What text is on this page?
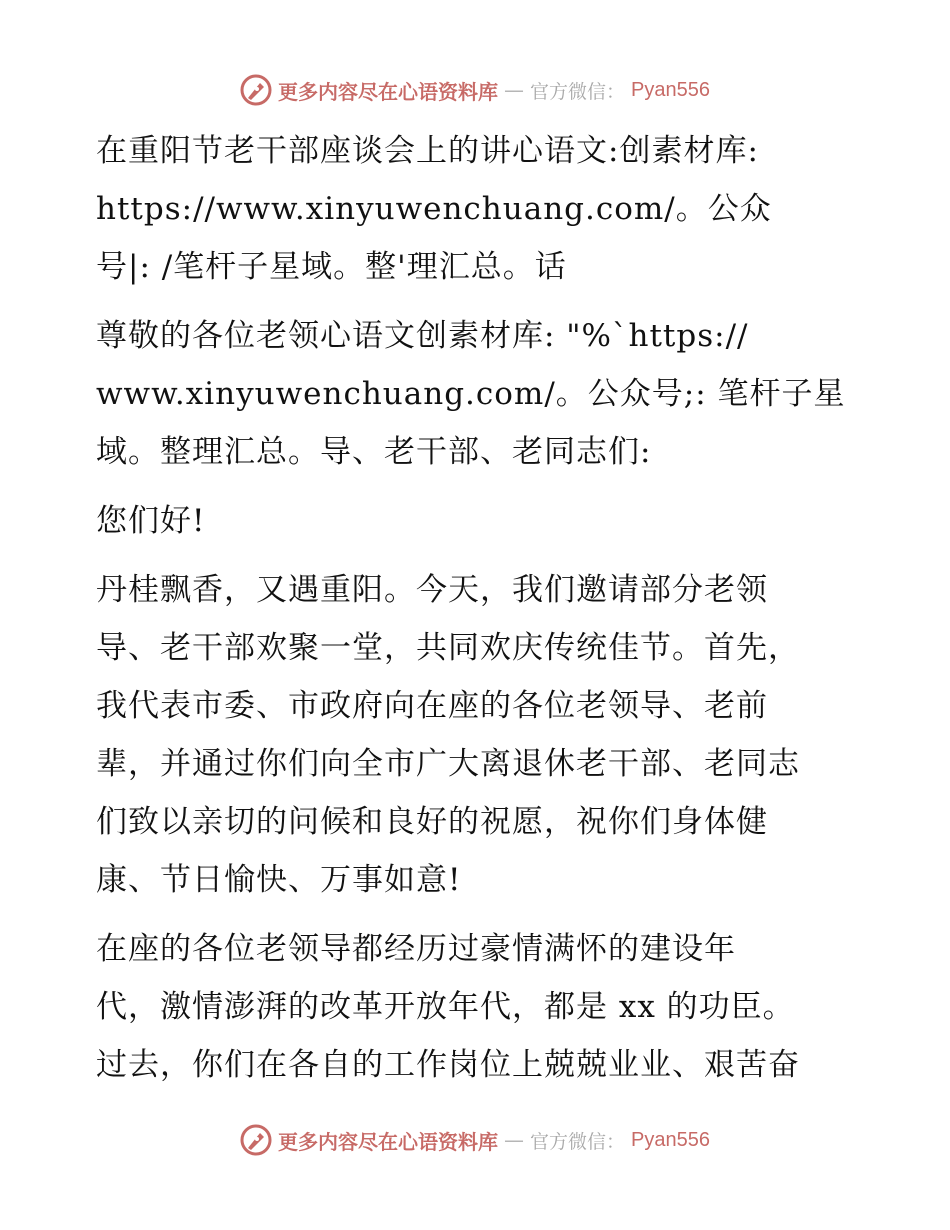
更多内容尽在心语资料库 — 官方微信： Pyan556
在重阳节老干部座谈会上的讲心语文:创素材库:
https://www.xinyuwenchuang.com/。公众
号|: /笔杆子星域。整'理汇总。话
尊敬的各位老领心语文创素材库: "%`https://
www.xinyuwenchuang.com/。公众号;: 笔杆子星
域。整理汇总。导、老干部、老同志们:
您们好!
丹桂飘香，又遇重阳。今天，我们邀请部分老领
导、老干部欢聚一堂，共同欢庆传统佳节。首先，
我代表市委、市政府向在座的各位老领导、老前
辈，并通过你们向全市广大离退休老干部、老同志
们致以亲切的问候和良好的祝愿，祝你们身体健
康、节日愉快、万事如意!
在座的各位老领导都经历过豪情满怀的建设年
代，激情澎湃的改革开放年代，都是 xx 的功臣。
过去，你们在各自的工作岗位上兢兢业业、艰苦奋
更多内容尽在心语资料库 — 官方微信： Pyan556
